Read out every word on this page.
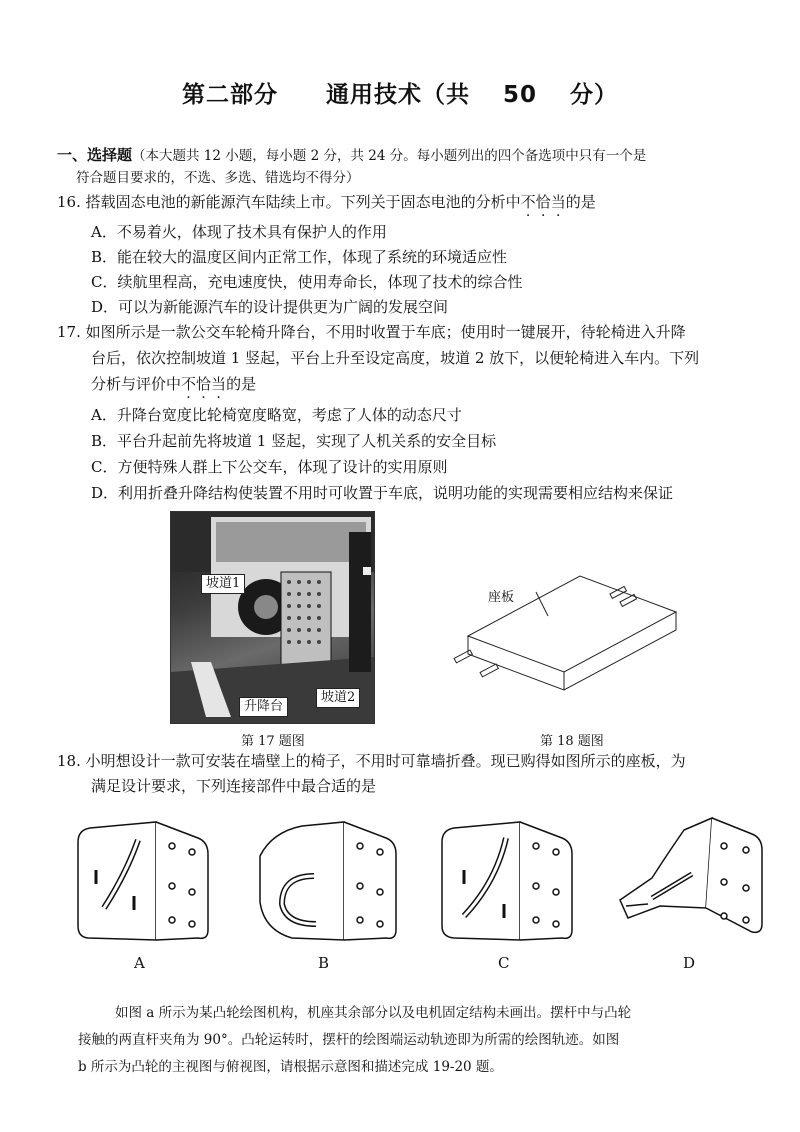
第二部分　　通用技术（共 50 分）
一、选择题（本大题共 12 小题，每小题 2 分，共 24 分。每小题列出的四个备选项中只有一个是
符合题目要求的，不选、多选、错选均不得分）
16. 搭载固态电池的新能源汽车陆续上市。下列关于固态电池的分析中不恰当的是
A．不易着火，体现了技术具有保护人的作用
B．能在较大的温度区间内正常工作，体现了系统的环境适应性
C．续航里程高，充电速度快，使用寿命长，体现了技术的综合性
D．可以为新能源汽车的设计提供更为广阔的发展空间
17. 如图所示是一款公交车轮椅升降台，不用时收置于车底；使用时一键展开，待轮椅进入升降
台后，依次控制坡道 1 竖起，平台上升至设定高度，坡道 2 放下，以便轮椅进入车内。下列
分析与评价中不恰当的是
A．升降台宽度比轮椅宽度略宽，考虑了人体的动态尺寸
B．平台升起前先将坡道 1 竖起，实现了人机关系的安全目标
C．方便特殊人群上下公交车，体现了设计的实用原则
D．利用折叠升降结构使装置不用时可收置于车底，说明功能的实现需要相应结构来保证
坡道1
升降台
坡道2
第 17 题图
座板
第 18 题图
18. 小明想设计一款可安装在墙壁上的椅子，不用时可靠墙折叠。现已购得如图所示的座板，为
满足设计要求，下列连接部件中最合适的是
A	B	C	D
如图 a 所示为某凸轮绘图机构，机座其余部分以及电机固定结构未画出。摆杆中与凸轮
接触的两直杆夹角为 90°。凸轮运转时，摆杆的绘图端运动轨迹即为所需的绘图轨迹。如图
b 所示为凸轮的主视图与俯视图，请根据示意图和描述完成 19-20 题。
